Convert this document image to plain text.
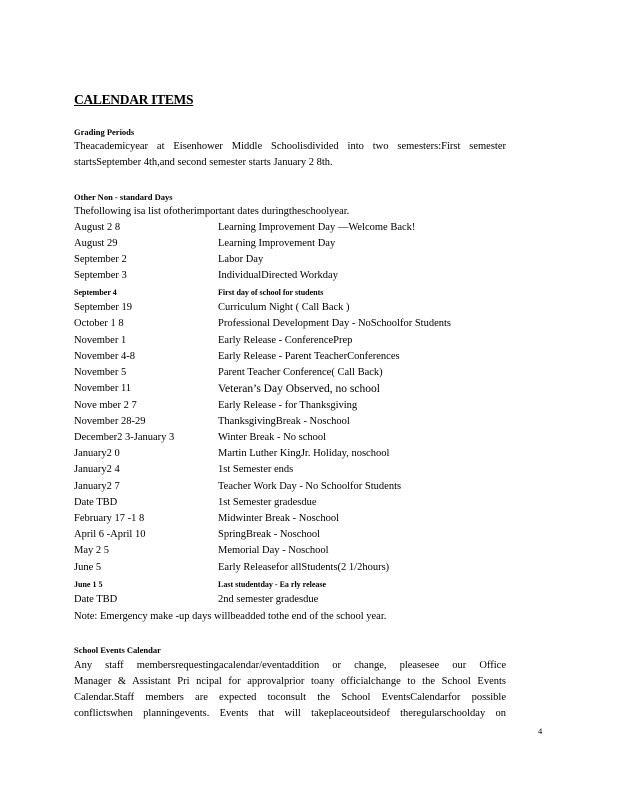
CALENDAR ITEMS
Grading Periods
Theacademicyear at Eisenhower Middle Schoolisdivided into two semesters:First semester
startsSeptember 4th,and second semester starts January 2 8th.
Other Non - standard Days
Thefollowing isa list ofotherimportant dates duringtheschoolyear.
August 2 8	Learning Improvement Day —Welcome Back!
August 29	Learning Improvement Day
September 2	Labor Day
September 3	IndividualDirected Workday
September 4	First day of school for students
September 19	Curriculum Night ( Call Back )
October 1 8	Professional Development Day - NoSchoolfor Students
November 1	Early Release - ConferencePrep
November 4-8	Early Release - Parent TeacherConferences
November 5	Parent Teacher Conference( Call Back)
November 11	Veteran’s Day Observed, no school
Nove mber 2 7	Early Release - for Thanksgiving
November 28-29	ThanksgivingBreak - Noschool
December2 3-January 3	Winter Break - No school
January2 0	Martin Luther KingJr. Holiday, noschool
January2 4	1st Semester ends
January2 7	Teacher Work Day - No Schoolfor Students
Date TBD	1st Semester gradesdue
February 17 -1 8	Midwinter Break - Noschool
April 6 -April 10	SpringBreak - Noschool
May 2 5	Memorial Day - Noschool
June 5	Early Releasefor allStudents(2 1/2hours)
June 1 5	Last studentday - Ea rly release
Date TBD	2nd semester gradesdue
Note: Emergency make -up days willbeadded tothe end of the school year.
School Events Calendar
Any staff membersrequestingacalendar/eventaddition or change, pleasesee our Office
Manager & Assistant Pri ncipal for approvalprior toany officialchange to the School Events
Calendar.Staff members are expected toconsult the School EventsCalendarfor possible
conflictswhen planningevents. Events that will takeplaceoutsideof theregularschoolday on
4
